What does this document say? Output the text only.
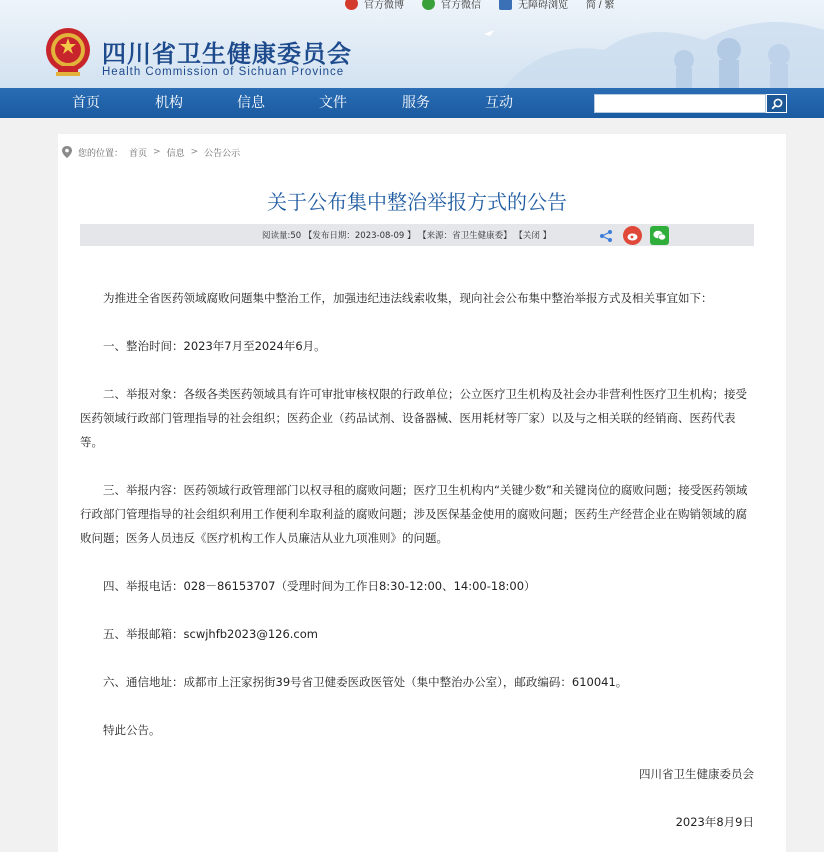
官方微博	官方微信	无障碍浏览 简 / 繁
四川省卫生健康委员会
Health Commission of Sichuan Province
首页	机构	信息	文件	服务	互动
您的位置： 首页 > 信息 > 公告公示
关于公布集中整治举报方式的公告
阅读量:50 【发布日期：2023-08-09 】 【来源：省卫生健康委】 【关闭 】
为推进全省医药领域腐败问题集中整治工作，加强违纪违法线索收集，现向社会公布集中整治举报方式及相关事宜如下：
一、整治时间：2023年7月至2024年6月。
二、举报对象：各级各类医药领域具有许可审批审核权限的行政单位；公立医疗卫生机构及社会办非营利性医疗卫生机构；接受医药领域行政部门管理指导的社会组织；医药企业（药品试剂、设备器械、医用耗材等厂家）以及与之相关联的经销商、医药代表等。
三、举报内容：医药领域行政管理部门以权寻租的腐败问题；医疗卫生机构内“关键少数”和关键岗位的腐败问题；接受医药领域行政部门管理指导的社会组织利用工作便利牟取利益的腐败问题；涉及医保基金使用的腐败问题；医药生产经营企业在购销领域的腐败问题；医务人员违反《医疗机构工作人员廉洁从业九项准则》的问题。
四、举报电话：028－86153707（受理时间为工作日8:30-12:00、14:00-18:00）
五、举报邮箱：scwjhfb2023@126.com
六、通信地址：成都市上汪家拐街39号省卫健委医政医管处（集中整治办公室），邮政编码：610041。
特此公告。
四川省卫生健康委员会
2023年8月9日
